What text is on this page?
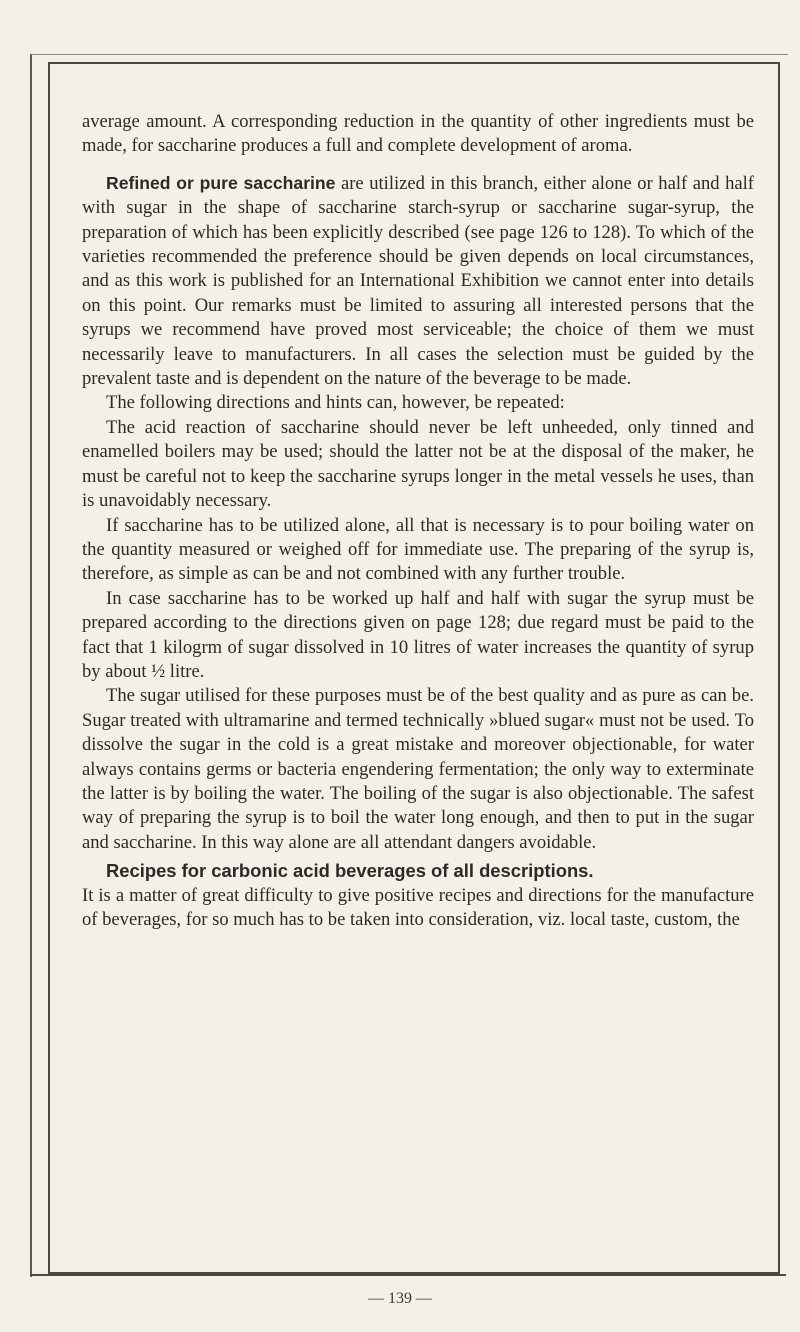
average amount. A corresponding reduction in the quantity of other ingredients must be made, for saccharine produces a full and complete development of aroma.

Refined or pure saccharine are utilized in this branch, either alone or half and half with sugar in the shape of saccharine starch-syrup or saccharine sugar-syrup, the preparation of which has been explicitly described (see page 126 to 128). To which of the varieties recommended the preference should be given depends on local circumstances, and as this work is published for an International Exhibition we cannot enter into details on this point. Our remarks must be limited to assuring all interested persons that the syrups we recommend have proved most serviceable; the choice of them we must necessarily leave to manufacturers. In all cases the selection must be guided by the prevalent taste and is dependent on the nature of the beverage to be made.

The following directions and hints can, however, be repeated:

The acid reaction of saccharine should never be left unheeded, only tinned and enamelled boilers may be used; should the latter not be at the disposal of the maker, he must be careful not to keep the saccharine syrups longer in the metal vessels he uses, than is unavoidably necessary.

If saccharine has to be utilized alone, all that is necessary is to pour boiling water on the quantity measured or weighed off for immediate use. The preparing of the syrup is, therefore, as simple as can be and not combined with any further trouble.

In case saccharine has to be worked up half and half with sugar the syrup must be prepared according to the directions given on page 128; due regard must be paid to the fact that 1 kilogrm of sugar dissolved in 10 litres of water increases the quantity of syrup by about ½ litre.

The sugar utilised for these purposes must be of the best quality and as pure as can be. Sugar treated with ultramarine and termed technically »blued sugar« must not be used. To dissolve the sugar in the cold is a great mistake and moreover objectionable, for water always contains germs or bacteria engendering fermentation; the only way to exterminate the latter is by boiling the water. The boiling of the sugar is also objectionable. The safest way of preparing the syrup is to boil the water long enough, and then to put in the sugar and saccharine. In this way alone are all attendant dangers avoidable.

Recipes for carbonic acid beverages of all descriptions.

It is a matter of great difficulty to give positive recipes and directions for the manufacture of beverages, for so much has to be taken into consideration, viz. local taste, custom, the

— 139 —
